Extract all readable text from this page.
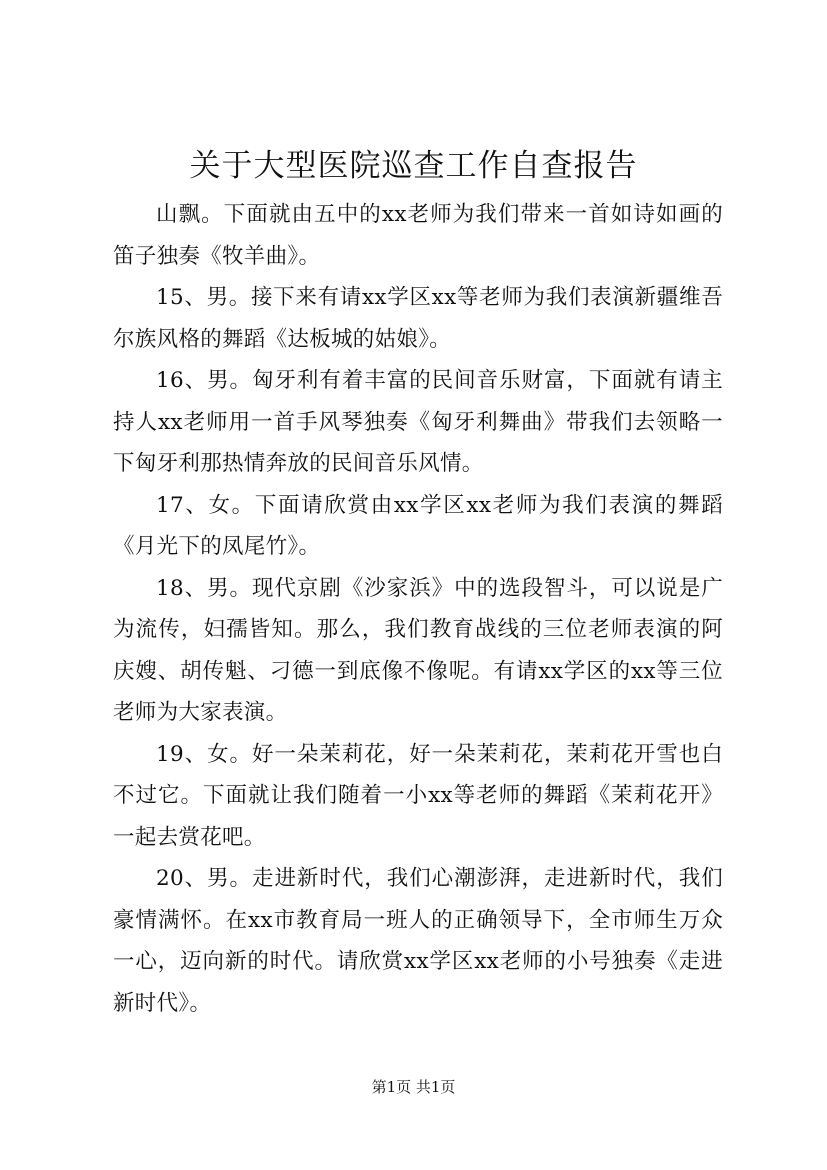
关于大型医院巡查工作自查报告

山飘。下面就由五中的xx老师为我们带来一首如诗如画的笛子独奏《牧羊曲》。

15、男。接下来有请xx学区xx等老师为我们表演新疆维吾尔族风格的舞蹈《达板城的姑娘》。

16、男。匈牙利有着丰富的民间音乐财富，下面就有请主持人xx老师用一首手风琴独奏《匈牙利舞曲》带我们去领略一下匈牙利那热情奔放的民间音乐风情。

17、女。下面请欣赏由xx学区xx老师为我们表演的舞蹈《月光下的凤尾竹》。

18、男。现代京剧《沙家浜》中的选段智斗，可以说是广为流传，妇孺皆知。那么，我们教育战线的三位老师表演的阿庆嫂、胡传魁、刁德一到底像不像呢。有请xx学区的xx等三位老师为大家表演。

19、女。好一朵茉莉花，好一朵茉莉花，茉莉花开雪也白不过它。下面就让我们随着一小xx等老师的舞蹈《茉莉花开》一起去赏花吧。

20、男。走进新时代，我们心潮澎湃，走进新时代，我们豪情满怀。在xx市教育局一班人的正确领导下，全市师生万众一心，迈向新的时代。请欣赏xx学区xx老师的小号独奏《走进新时代》。

第1页 共1页
